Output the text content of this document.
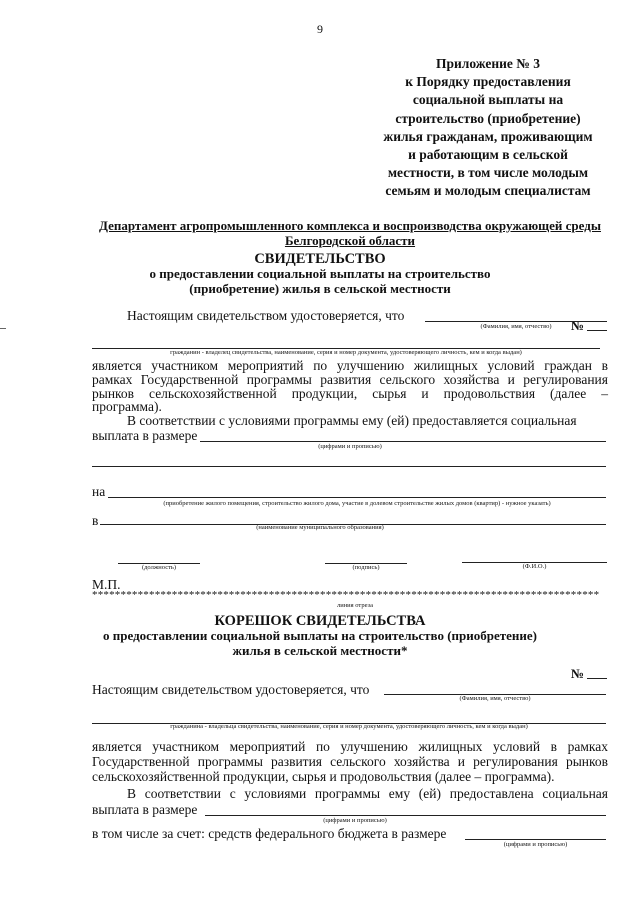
9
Приложение № 3
к Порядку предоставления
социальной выплаты на
строительство (приобретение)
жилья гражданам, проживающим
и работающим в сельской
местности, в том числе молодым
семьям и молодым специалистам
Департамент агропромышленного комплекса и воспроизводства окружающей среды Белгородской области
СВИДЕТЕЛЬСТВО
о предоставлении социальной выплаты на строительство
(приобретение) жилья в сельской местности
№
Настоящим свидетельством удостоверяется, что
(Фамилия, имя, отчество)
гражданин - владелец свидетельства, наименование, серия и номер документа, удостоверяющего личность, кем и когда выдан)
является участником мероприятий по улучшению жилищных условий граждан в
рамках Государственной программы развития сельского хозяйства и регулирования
рынков сельскохозяйственной продукции, сырья и продовольствия (далее –
программа).
В соответствии с условиями программы ему (ей) предоставляется социальная
выплата в размере
(цифрами и прописью)
на
(приобретение жилого помещения, строительство жилого дома, участие в долевом строительстве жилых домов (квартир) - нужное указать)
в	(наименование муниципального образования)
(должность)	(подпись)	(Ф.И.О.)
М.П.
*****************************************************************************************
линия отреза
КОРЕШОК СВИДЕТЕЛЬСТВА
о предоставлении социальной выплаты на строительство (приобретение)
жилья в сельской местности*
№
Настоящим свидетельством удостоверяется, что
(Фамилия, имя, отчество)
гражданина - владельца свидетельства, наименование, серия и номер документа, удостоверяющего личность, кем и когда выдан)
является участником мероприятий по улучшению жилищных условий в рамках
Государственной программы развития сельского хозяйства и регулирования рынков
сельскохозяйственной продукции, сырья и продовольствия (далее – программа).
В соответствии с условиями программы ему (ей) предоставлена социальная
выплата в размере
(цифрами и прописью)
в том числе за счет: средств федерального бюджета в размере
(цифрами и прописью)
